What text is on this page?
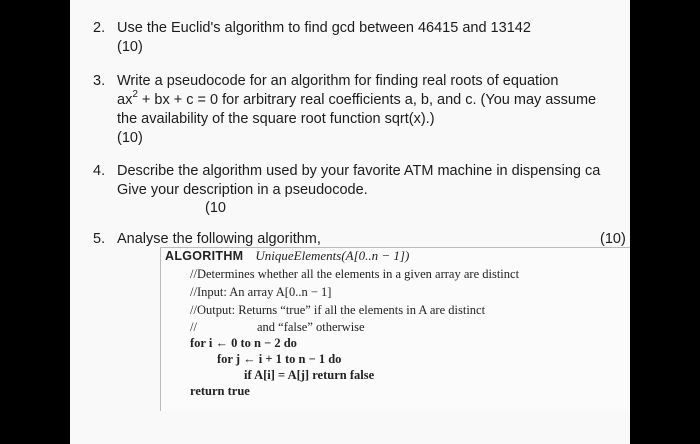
2. Use the Euclid's algorithm to find gcd between 46415 and 13142
(10)
3. Write a pseudocode for an algorithm for finding real roots of equation
$ax^2$ + bx + c = 0 for arbitrary real coefficients a, b, and c. (You may assume
the availability of the square root function sqrt(x).)
(10)
4. Describe the algorithm used by your favorite ATM machine in dispensing ca
Give your description in a pseudocode.
(10
5. Analyse the following algorithm,	(10)
ALGORITHM UniqueElements(A[0..n − 1])
//Determines whether all the elements in a given array are distinct
//Input: An array A[0..n − 1]
//Output: Returns “true” if all the elements in A are distinct
//	and “false” otherwise
for i ← 0 to n − 2 do
for j ← i + 1 to n − 1 do
if A[i] = A[j] return false
return true
